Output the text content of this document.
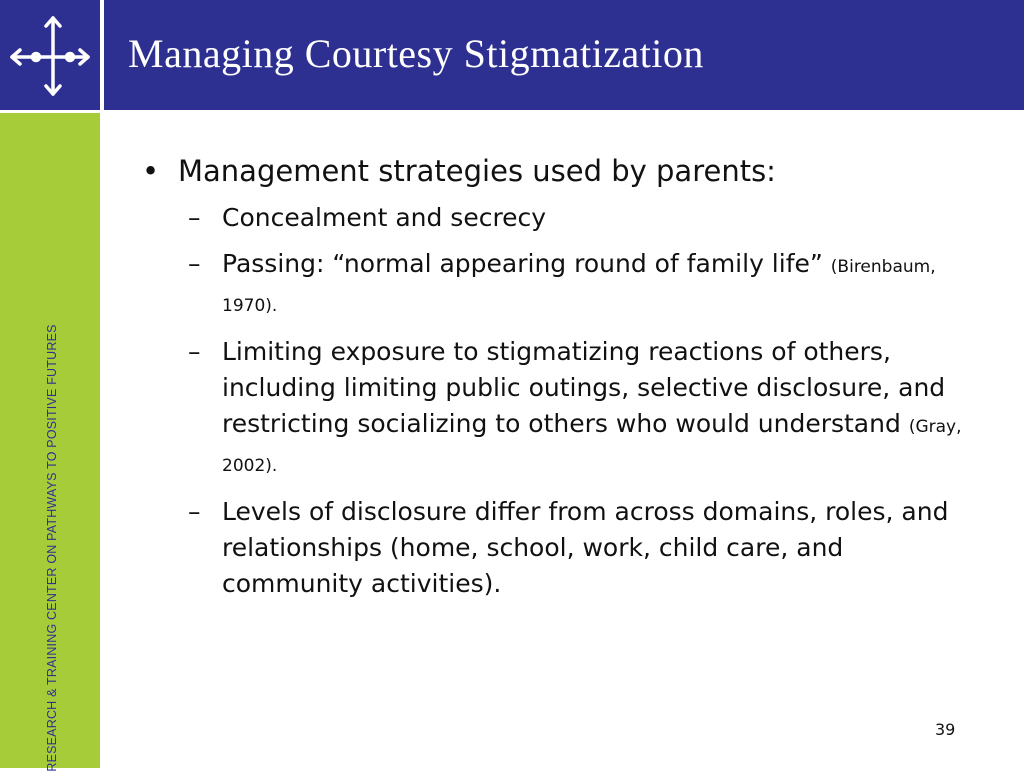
Managing Courtesy Stigmatization
RESEARCH & TRAINING CENTER ON PATHWAYS TO POSITIVE FUTURES
• Management strategies used by parents:
– Concealment and secrecy
– Passing: “normal appearing round of family life” (Birenbaum, 1970).
– Limiting exposure to stigmatizing reactions of others, including limiting public outings, selective disclosure, and restricting socializing to others who would understand (Gray, 2002).
– Levels of disclosure differ from across domains, roles, and relationships (home, school, work, child care, and community activities).
39
